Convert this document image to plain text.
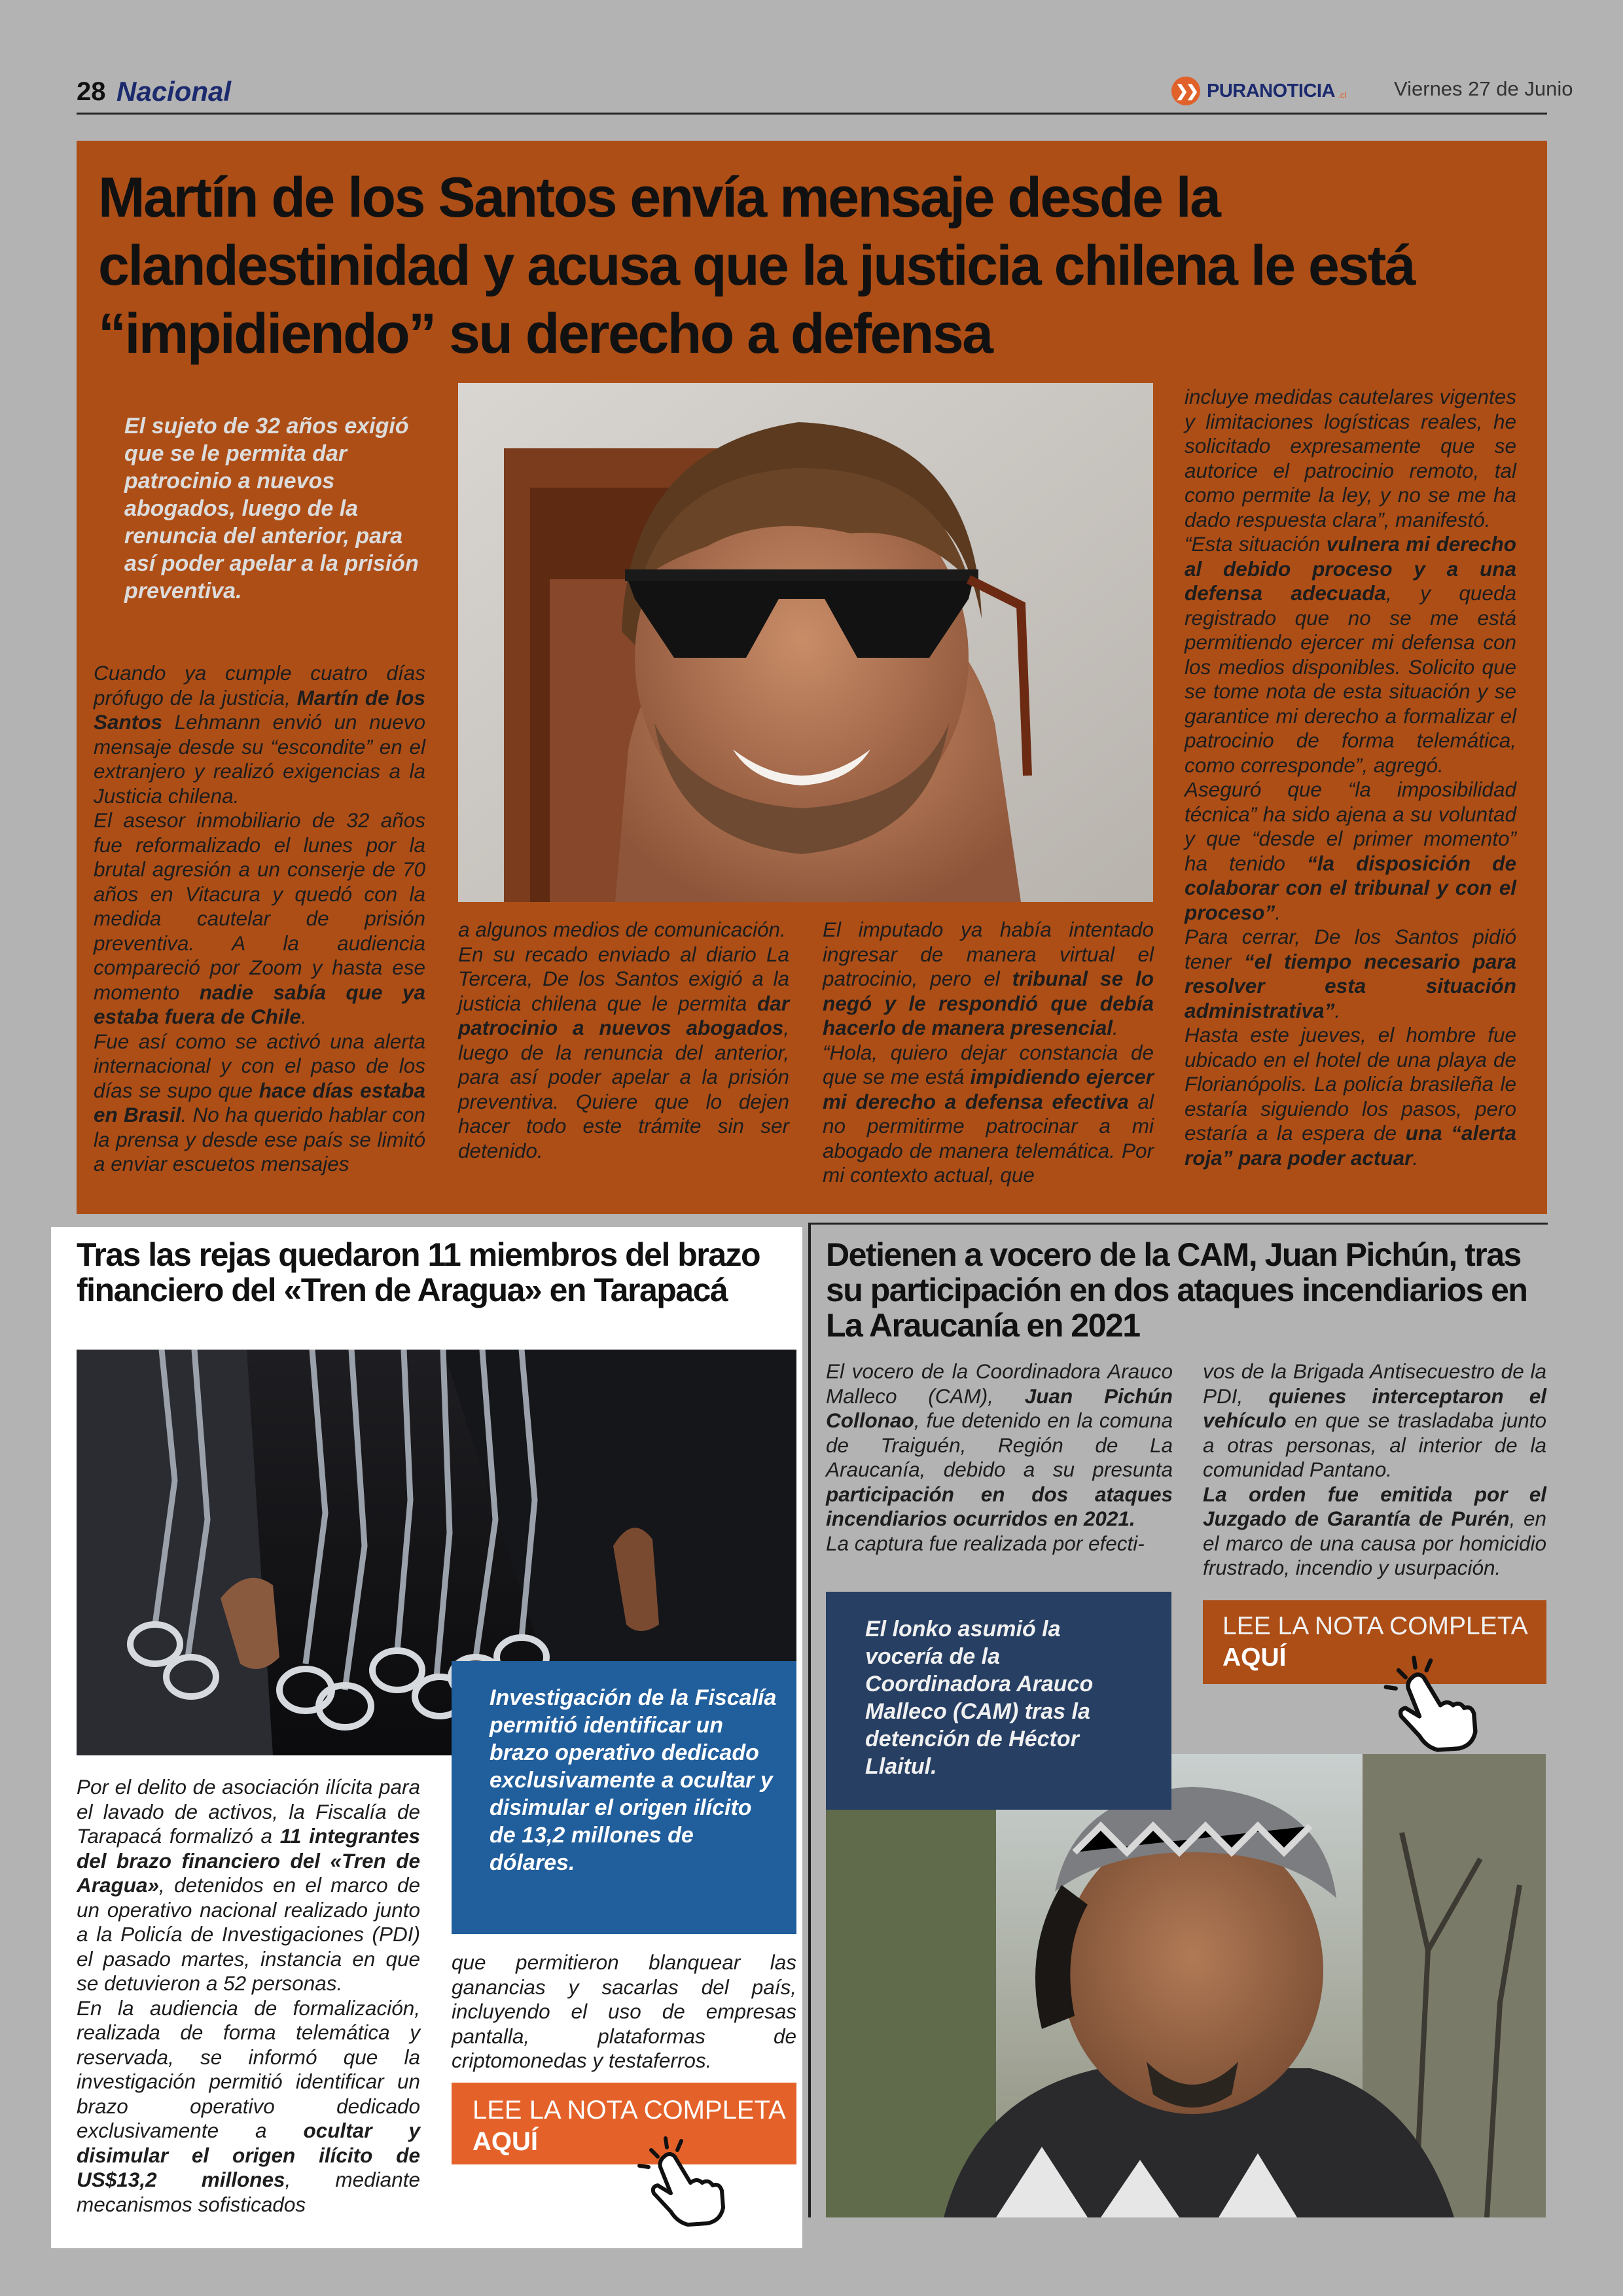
28 Nacional	❯❯ PURANOTICIA .cl Viernes 27 de Junio
Martín de los Santos envía mensaje desde la clandestinidad y acusa que la justicia chilena le está “impidiendo” su derecho a defensa
El sujeto de 32 años exigió que se le permita dar patrocinio a nuevos abogados, luego de la renuncia del anterior, para así poder apelar a la prisión preventiva.

Cuando ya cumple cuatro días prófugo de la justicia, Martín de los Santos Lehmann envió un nuevo mensaje desde su “escondite” en el extranjero y realizó exigencias a la Justicia chilena.

El asesor inmobiliario de 32 años fue reformalizado el lunes por la brutal agresión a un conserje de 70 años en Vitacura y quedó con la medida cautelar de prisión preventiva. A la audiencia compareció por Zoom y hasta ese momento nadie sabía que ya estaba fuera de Chile.

Fue así como se activó una alerta internacional y con el paso de los días se supo que hace días estaba en Brasil. No ha querido hablar con la prensa y desde ese país se limitó a enviar escuetos mensajes

a algunos medios de comunicación.

En su recado enviado al diario La Tercera, De los Santos exigió a la justicia chilena que le permita dar patrocinio a nuevos abogados, luego de la renuncia del anterior, para así poder apelar a la prisión preventiva. Quiere que lo dejen hacer todo este trámite sin ser detenido.

El imputado ya había intentado ingresar de manera virtual el patrocinio, pero el tribunal se lo negó y le respondió que debía hacerlo de manera presencial.

“Hola, quiero dejar constancia de que se me está impidiendo ejercer mi derecho a defensa efectiva al no permitirme patrocinar a mi abogado de manera telemática. Por mi contexto actual, que

incluye medidas cautelares vigentes y limitaciones logísticas reales, he solicitado expresamente que se autorice el patrocinio remoto, tal como permite la ley, y no se me ha dado respuesta clara”, manifestó.

“Esta situación vulnera mi derecho al debido proceso y a una defensa adecuada, y queda registrado que no se me está permitiendo ejercer mi defensa con los medios disponibles. Solicito que se tome nota de esta situación y se garantice mi derecho a formalizar el patrocinio de forma telemática, como corresponde”, agregó.

Aseguró que “la imposibilidad técnica” ha sido ajena a su voluntad y que “desde el primer momento” ha tenido “la disposición de colaborar con el tribunal y con el proceso”.

Para cerrar, De los Santos pidió tener “el tiempo necesario para resolver esta situación administrativa”.

Hasta este jueves, el hombre fue ubicado en el hotel de una playa de Florianópolis. La policía brasileña le estaría siguiendo los pasos, pero estaría a la espera de una “alerta roja” para poder actuar.

Tras las rejas quedaron 11 miembros del brazo financiero del «Tren de Aragua» en Tarapacá
Investigación de la Fiscalía permitió identificar un brazo operativo dedicado exclusivamente a ocultar y disimular el origen ilícito de 13,2 millones de dólares.

Por el delito de asociación ilícita para el lavado de activos, la Fiscalía de Tarapacá formalizó a 11 integrantes del brazo financiero del «Tren de Aragua», detenidos en el marco de un operativo nacional realizado junto a la Policía de Investigaciones (PDI) el pasado martes, instancia en que se detuvieron a 52 personas.

En la audiencia de formalización, realizada de forma telemática y reservada, se informó que la investigación permitió identificar un brazo operativo dedicado exclusivamente a ocultar y disimular el origen ilícito de US$13,2 millones, mediante mecanismos sofisticados

que permitieron blanquear las ganancias y sacarlas del país, incluyendo el uso de empresas pantalla, plataformas de criptomonedas y testaferros.

LEE LA NOTA COMPLETA
AQUÍ
Detienen a vocero de la CAM, Juan Pichún, tras su participación en dos ataques incendiarios en La Araucanía en 2021

El vocero de la Coordinadora Arauco Malleco (CAM), Juan Pichún Collonao, fue detenido en la comuna de Traiguén, Región de La Araucanía, debido a su presunta participación en dos ataques incendiarios ocurridos en 2021.

La captura fue realizada por efecti-

vos de la Brigada Antisecuestro de la PDI, quienes interceptaron el vehículo en que se trasladaba junto a otras personas, al interior de la comunidad Pantano.

La orden fue emitida por el Juzgado de Garantía de Purén, en el marco de una causa por homicidio frustrado, incendio y usurpación.

El lonko asumió la vocería de la Coordinadora Arauco Malleco (CAM) tras la detención de Héctor Llaitul.
LEE LA NOTA COMPLETA
AQUÍ
